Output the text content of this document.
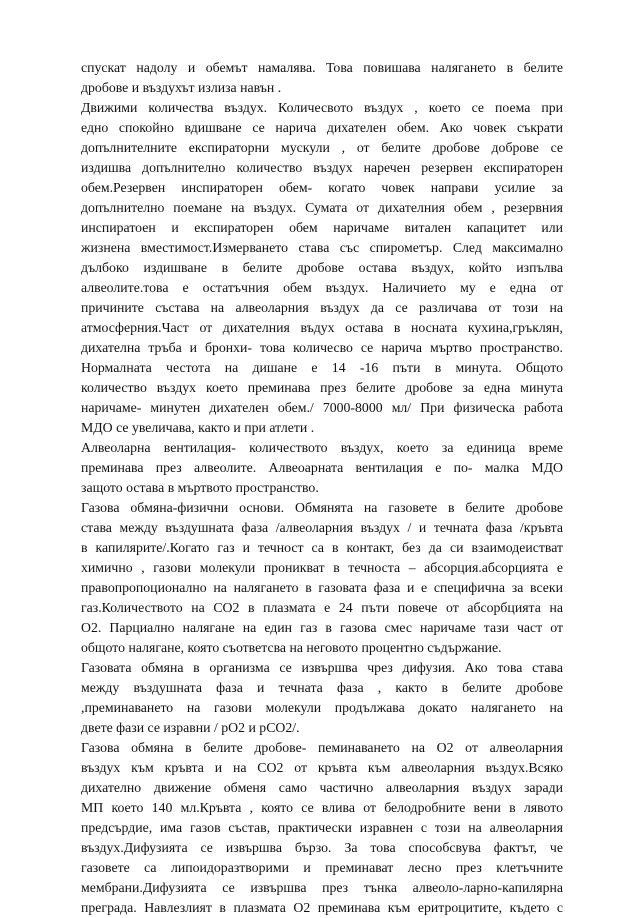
спускат надолу и обемът намалява. Това повишава налягането в белите
дробове и въздухът излиза навън .
Движими количества въздух. Количесвото въздух , което се поема при
едно спокойно вдишване се нарича дихателен обем. Ако човек съкрати
допълнителните експираторни мускули , от белите дробове доброве се
издишва допълнително количество въздух наречен резервен експираторен
обем.Резервен инспираторен обем- когато човек направи усилие за
допълнително поемане на въздух. Сумата от дихателния обем , резервния
инспиратоен и експираторен обем наричаме витален капацитет или
жизнена вместимост.Измерването става със спирометър. След максимално
дълбоко издишване в белите дробове остава въздух, който изпълва
алвеолите.това е остатъчния обем въздух. Наличието му е една от
причините състава на алвеоларния въздух да се различава от този на
атмосферния.Част от дихателния въдух остава в носната кухина,гръклян,
дихателна тръба и бронхи- това количесво се нарича мъртво пространство.
Нормалната честота на дишане е 14 -16 пъти в минута. Общото
количество въздух което преминава през белите дробове за една минута
наричаме- минутен дихателен обем./ 7000-8000 мл/ При физическа работа
МДО се увеличава, както и при атлети .
Алвеоларна вентилация- количеството въздух, което за единица време
преминава през алвеолите. Алвеоарната вентилация е по- малка МДО
защото остава в мъртвото пространство.
Газова обмяна-физични основи. Обмянята на газовете в белите дробове
става между въздушната фаза /алвеоларния въздух / и течната фаза /кръвта
в капилярите/.Когато газ и течност са в контакт, без да си взаимодеистват
химично , газови молекули проникват в течноста – абсорция.абсорцията е
правопропоционално на налягането в газовата фаза и е специфична за всеки
газ.Количеството на СО2 в плазмата е 24 пъти повече от абсорбцията на
О2. Парциално налягане на един газ в газова смес наричаме тази част от
общото налягане, която съответсва на неговото процентно съдържание.
Газовата обмяна в организма се извършва чрез дифузия. Ако това става
между въздушната фаза и течната фаза , както в белите дробове
,преминаването на газови молекули продължава докато налягането на
двете фази се изравни / рО2 и рСО2/.
Газова обмяна в белите дробове- пеминаването на О2 от алвеоларния
въздух към кръвта и на СО2 от кръвта към алвеоларния въздух.Всяко
дихателно движение обменя само частично алвеоларния въздух заради
МП което 140 мл.Кръвта , която се влива от белодробните вени в лявото
предсърдие, има газов състав, практически изравнен с този на алвеоларния
въздух.Дифузията се извършва бързо. За това способсвува фактът, че
газовете са липоидоразтворими и преминават лесно през клетъчните
мембрани.Дифузията се извършва през тънка алвеоло-ларно-капилярна
преграда. Навлезлият в плазмата О2 преминава към еритроцитите, където с
